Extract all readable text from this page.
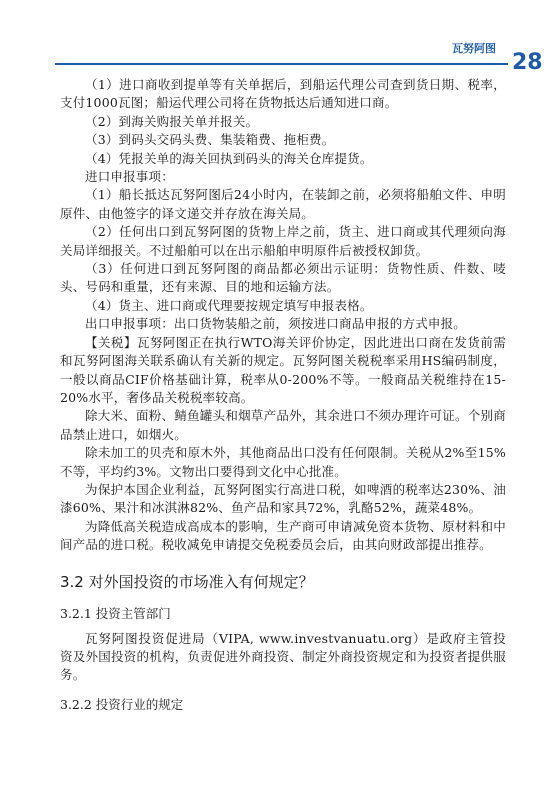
瓦努阿图
28

（1）进口商收到提单等有关单据后，到船运代理公司查到货日期、税率，支付1000瓦图；船运代理公司将在货物抵达后通知进口商。

（2）到海关购报关单并报关。

（3）到码头交码头费、集装箱费、拖柜费。

（4）凭报关单的海关回执到码头的海关仓库提货。

进口申报事项：

（1）船长抵达瓦努阿图后24小时内，在装卸之前，必须将船舶文件、申明原件、由他签字的译文递交并存放在海关局。

（2）任何出口到瓦努阿图的货物上岸之前，货主、进口商或其代理须向海关局详细报关。不过船舶可以在出示船舶申明原件后被授权卸货。

（3）任何进口到瓦努阿图的商品都必须出示证明：货物性质、件数、唛头、号码和重量，还有来源、目的地和运输方法。

（4）货主、进口商或代理要按规定填写申报表格。

出口申报事项：出口货物装船之前，须按进口商品申报的方式申报。

【关税】瓦努阿图正在执行WTO海关评价协定，因此进出口商在发货前需和瓦努阿图海关联系确认有关新的规定。瓦努阿图关税税率采用HS编码制度，一般以商品CIF价格基础计算，税率从0-200%不等。一般商品关税维持在15-20%水平，奢侈品关税税率较高。

除大米、面粉、鲭鱼罐头和烟草产品外，其余进口不须办理许可证。个别商品禁止进口，如烟火。

除未加工的贝壳和原木外，其他商品出口没有任何限制。关税从2%至15%不等，平均约3%。文物出口要得到文化中心批准。

为保护本国企业利益，瓦努阿图实行高进口税，如啤酒的税率达230%、油漆60%、果汁和冰淇淋82%、鱼产品和家具72%，乳酪52%，蔬菜48%。

为降低高关税造成高成本的影响，生产商可申请减免资本货物、原材料和中间产品的进口税。税收减免申请提交免税委员会后，由其向财政部提出推荐。

3.2 对外国投资的市场准入有何规定？
3.2.1 投资主管部门

瓦努阿图投资促进局（VIPA, www.investvanuatu.org）是政府主管投资及外国投资的机构，负责促进外商投资、制定外商投资规定和为投资者提供服务。

3.2.2 投资行业的规定
